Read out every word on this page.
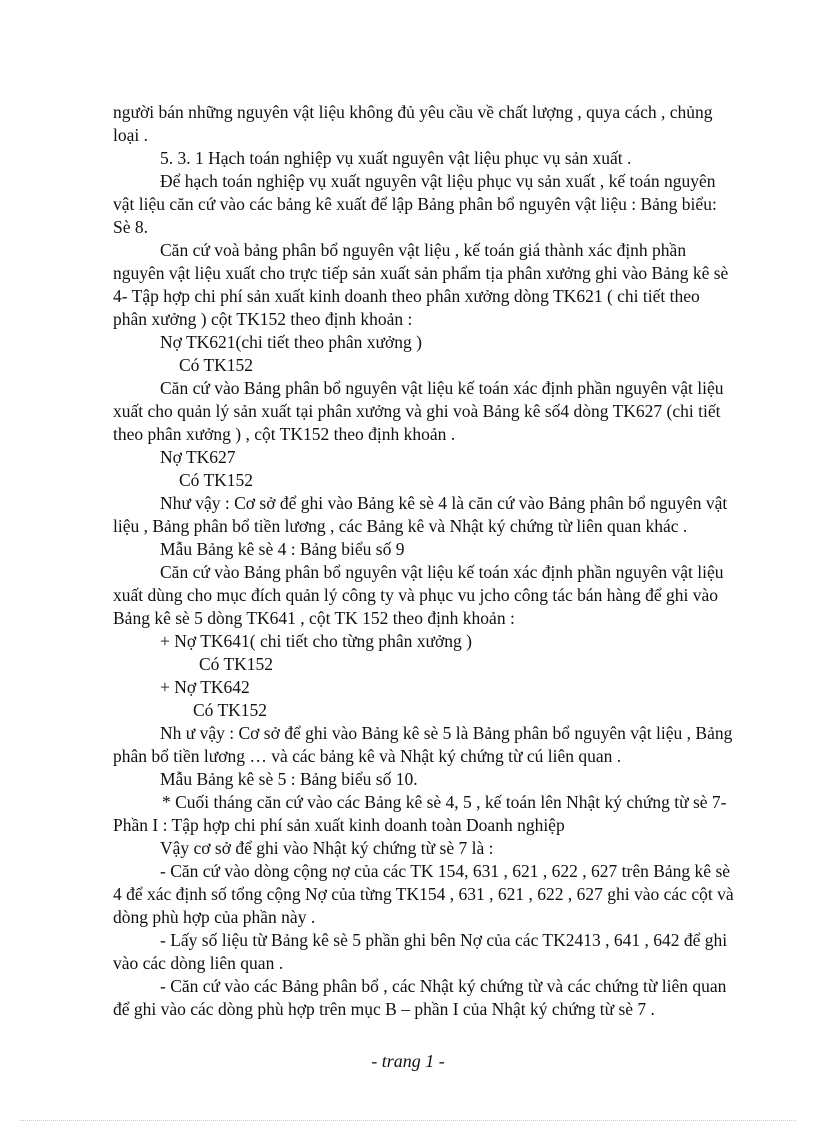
người bán những nguyên vật liệu không đủ yêu cầu về chất lượng , quya cách , chủng
loại .
5. 3. 1 Hạch toán nghiệp vụ xuất nguyên vật liệu phục vụ sản xuất .
Để hạch toán nghiệp vụ xuất nguyên vật liệu phục vụ sản xuất , kế toán nguyên
vật liệu căn cứ vào các bảng kê xuất để lập Bảng phân bổ nguyên vật liệu : Bảng biểu:
Sè 8.
Căn cứ voà bảng phân bổ nguyên vật liệu , kế toán giá thành xác định phần
nguyên vật liệu xuất cho trực tiếp sản xuất sản phẩm tịa phân xưởng ghi vào Bảng kê sè
4- Tập hợp chi phí sản xuất kinh doanh theo phân xưởng dòng TK621 ( chi tiết theo
phân xưởng ) cột TK152 theo định khoản :
Nợ TK621(chi tiết theo phân xưởng )
Có TK152
Căn cứ vào Bảng phân bổ nguyên vật liệu kế toán xác định phần nguyên vật liệu
xuất cho quản lý sản xuất tại phân xưởng và ghi voà Bảng kê số4 dòng TK627 (chi tiết
theo phân xưởng ) , cột TK152 theo định khoản .
Nợ TK627
Có TK152
Như vậy : Cơ sở để ghi vào Bảng kê sè 4 là căn cứ vào Bảng phân bổ nguyên vật
liệu , Bảng phân bổ tiền lương , các Bảng kê và Nhật ký chứng từ liên quan khác .
Mẫu Bảng kê sè 4 : Bảng biểu số 9
Căn cứ vào Bảng phân bổ nguyên vật liệu kế toán xác định phần nguyên vật liệu
xuất dùng cho mục đích quản lý công ty và phục vu jcho công tác bán hàng để ghi vào
Bảng kê sè 5 dòng TK641 , cột TK 152 theo định khoản :
+ Nợ TK641( chi tiết cho từng phân xưởng )
Có TK152
+ Nợ TK642
Có TK152
Nh ư vậy : Cơ sở để ghi vào Bảng kê sè 5 là Bảng phân bổ nguyên vật liệu , Bảng
phân bổ tiền lương … và các bảng kê và Nhật ký chứng từ cú liên quan .
Mẫu Bảng kê sè 5 : Bảng biểu số 10.
* Cuối tháng căn cứ vào các Bảng kê sè 4, 5 , kế toán lên Nhật ký chứng từ sè 7-
Phần I : Tập hợp chi phí sản xuất kinh doanh toàn Doanh nghiệp
Vậy cơ sở để ghi vào Nhật ký chứng từ sè 7 là :
- Căn cứ vào dòng cộng nợ của các TK 154, 631 , 621 , 622 , 627 trên Bảng kê sè
4 để xác định số tổng cộng Nợ của từng TK154 , 631 , 621 , 622 , 627 ghi vào các cột và
dòng phù hợp của phần này .
- Lấy số liệu từ Bảng kê sè 5 phần ghi bên Nợ của các TK2413 , 641 , 642 để ghi
vào các dòng liên quan .
- Căn cứ vào các Bảng phân bổ , các Nhật ký chứng từ và các chứng từ liên quan
để ghi vào các dòng phù hợp trên mục B – phần I của Nhật ký chứng từ sè 7 .
- trang 1 -
